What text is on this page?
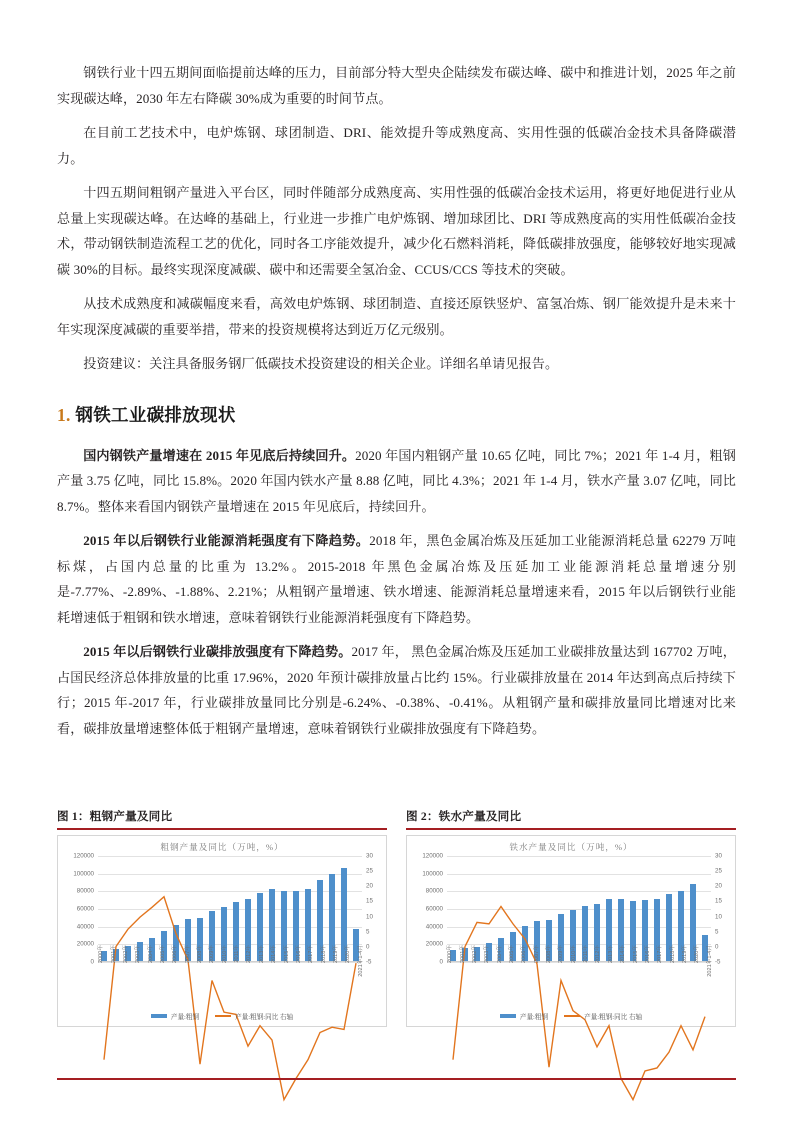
钢铁行业十四五期间面临提前达峰的压力，目前部分特大型央企陆续发布碳达峰、碳中和推进计划，2025 年之前实现碳达峰，2030 年左右降碳 30%成为重要的时间节点。

在目前工艺技术中，电炉炼钢、球团制造、DRI、能效提升等成熟度高、实用性强的低碳冶金技术具备降碳潜力。

十四五期间粗钢产量进入平台区，同时伴随部分成熟度高、实用性强的低碳冶金技术运用，将更好地促进行业从总量上实现碳达峰。在达峰的基础上，行业进一步推广电炉炼钢、增加球团比、DRI 等成熟度高的实用性低碳冶金技术，带动钢铁制造流程工艺的优化，同时各工序能效提升，减少化石燃料消耗，降低碳排放强度，能够较好地实现减碳 30%的目标。最终实现深度减碳、碳中和还需要全氢冶金、CCUS/CCS 等技术的突破。

从技术成熟度和减碳幅度来看，高效电炉炼钢、球团制造、直接还原铁竖炉、富氢冶炼、钢厂能效提升是未来十年实现深度减碳的重要举措，带来的投资规模将达到近万亿元级别。

投资建议：关注具备服务钢厂低碳技术投资建设的相关企业。详细名单请见报告。

1. 钢铁工业碳排放现状

国内钢铁产量增速在 2015 年见底后持续回升。2020 年国内粗钢产量 10.65 亿吨，同比 7%；2021 年 1-4 月，粗钢产量 3.75 亿吨，同比 15.8%。2020 年国内铁水产量 8.88 亿吨，同比 4.3%；2021 年 1-4 月，铁水产量 3.07 亿吨，同比 8.7%。整体来看国内钢铁产量增速在 2015 年见底后，持续回升。

2015 年以后钢铁行业能源消耗强度有下降趋势。2018 年，黑色金属冶炼及压延加工业能源消耗总量 62279 万吨标煤，占国内总量的比重为 13.2%。2015-2018 年黑色金属冶炼及压延加工业能源消耗总量增速分别是-7.77%、-2.89%、-1.88%、2.21%；从粗钢产量增速、铁水增速、能源消耗总量增速来看，2015 年以后钢铁行业能耗增速低于粗钢和铁水增速，意味着钢铁行业能源消耗强度有下降趋势。

2015 年以后钢铁行业碳排放强度有下降趋势。2017 年， 黑色金属冶炼及压延加工业碳排放量达到 167702 万吨，占国民经济总体排放量的比重 17.96%，2020 年预计碳排放量占比约 15%。行业碳排放量在 2014 年达到高点后持续下行；2015 年-2017 年，行业碳排放量同比分别是-6.24%、-0.38%、-0.41%。从粗钢产量和碳排放量同比增速对比来看，碳排放量增速整体低于粗钢产量增速，意味着钢铁行业碳排放强度有下降趋势。

图 1：粗钢产量及同比
粗钢产量及同比（万吨，%）
0
20000
40000
60000
80000
100000
120000
-5
0
5
10
15
20
25
30
2000年	2001年	2002年	2003年	2004年	2005年	2006年	2007年	2008年	2009年	2010年	2011年	2012年	2013年	2014年	2015年	2016年	2017年	2018年	2019年	2020年	2021年1-4月
产量:粗钢	产量:粗钢:同比 右轴
图 2：铁水产量及同比
铁水产量及同比（万吨，%）
0
20000
40000
60000
80000
100000
120000
-5
0
5
10
15
20
25
30
2000年	2001年	2002年	2003年	2004年	2005年	2006年	2007年	2008年	2009年	2010年	2011年	2012年	2013年	2014年	2015年	2016年	2017年	2018年	2019年	2020年	2021年1-4月
产量:粗钢	产量:粗钢:同比 右轴
